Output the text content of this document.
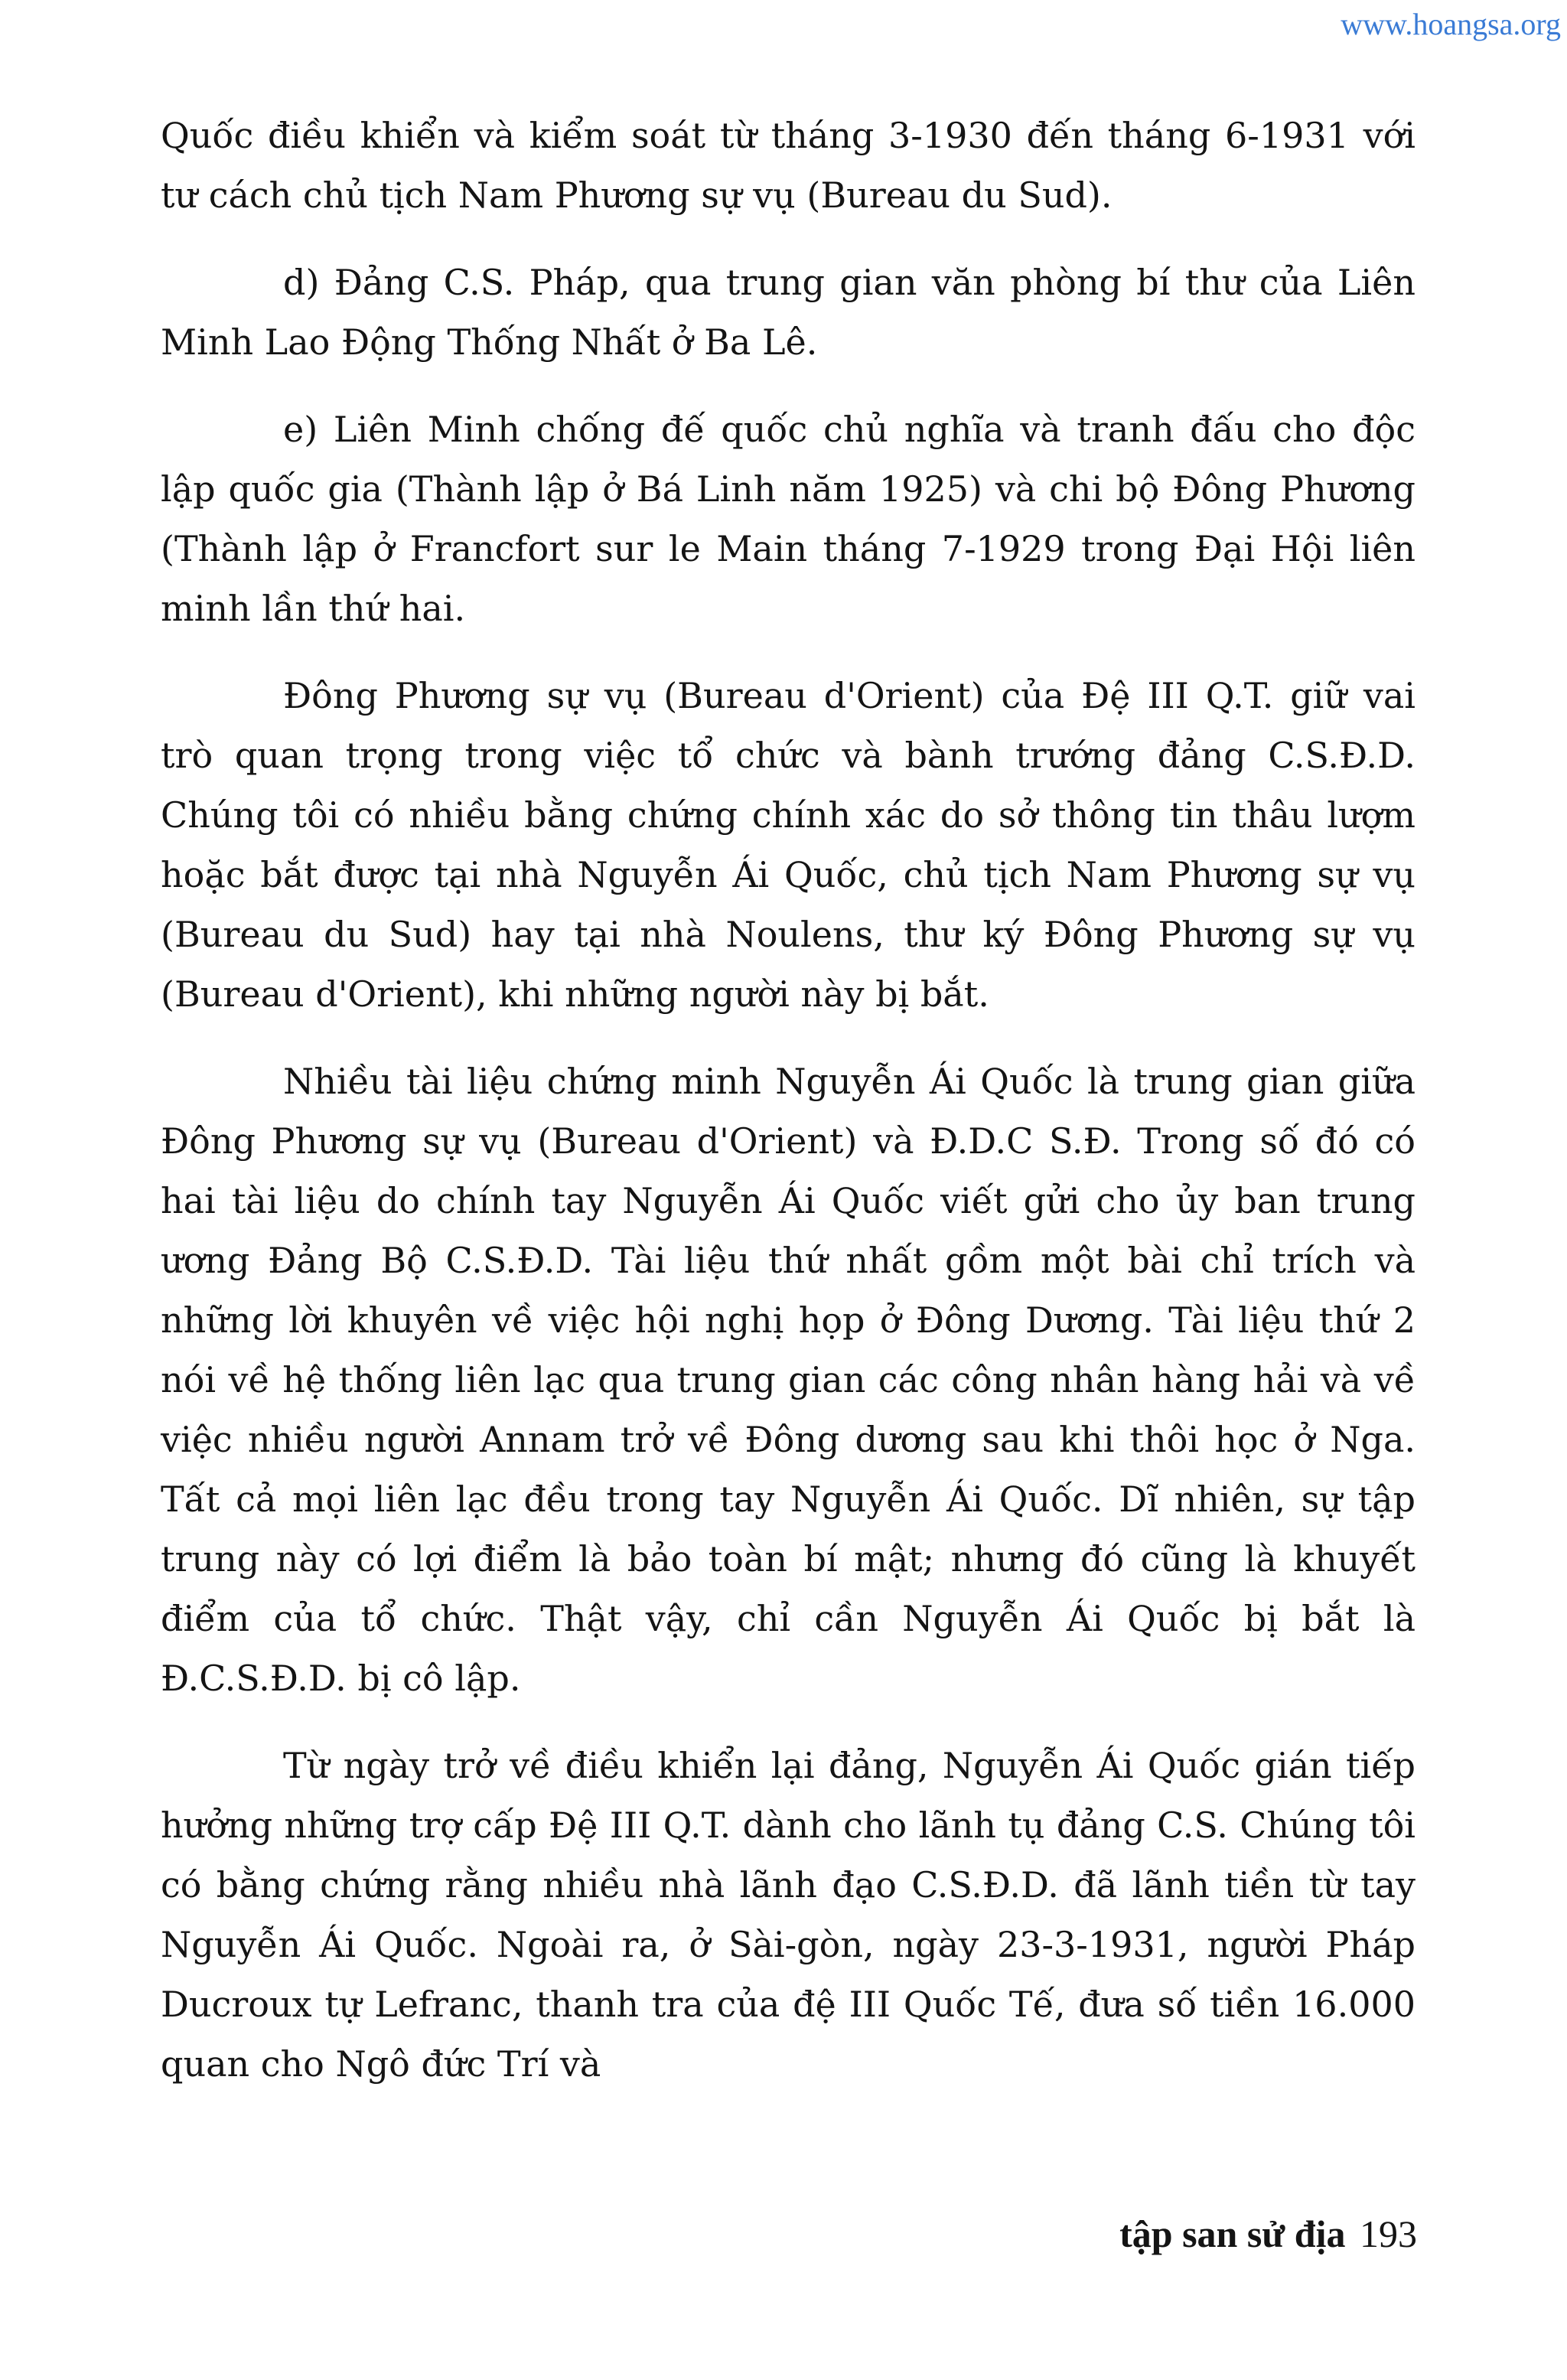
www.hoangsa.org

Quốc điều khiển và kiểm soát từ tháng 3-1930 đến tháng 6-1931 với tư cách chủ tịch Nam Phương sự vụ (Bureau du Sud).

d) Đảng C.S. Pháp, qua trung gian văn phòng bí thư của Liên Minh Lao Động Thống Nhất ở Ba Lê.

e) Liên Minh chống đế quốc chủ nghĩa và tranh đấu cho độc lập quốc gia (Thành lập ở Bá Linh năm 1925) và chi bộ Đông Phương (Thành lập ở Francfort sur le Main tháng 7-1929 trong Đại Hội liên minh lần thứ hai.

Đông Phương sự vụ (Bureau d'Orient) của Đệ III Q.T. giữ vai trò quan trọng trong việc tổ chức và bành trướng đảng C.S.Đ.D. Chúng tôi có nhiều bằng chứng chính xác do sở thông tin thâu lượm hoặc bắt được tại nhà Nguyễn Ái Quốc, chủ tịch Nam Phương sự vụ (Bureau du Sud) hay tại nhà Noulens, thư ký Đông Phương sự vụ (Bureau d'Orient), khi những người này bị bắt.

Nhiều tài liệu chứng minh Nguyễn Ái Quốc là trung gian giữa Đông Phương sự vụ (Bureau d'Orient) và Đ.D.C S.Đ. Trong số đó có hai tài liệu do chính tay Nguyễn Ái Quốc viết gửi cho ủy ban trung ương Đảng Bộ C.S.Đ.D. Tài liệu thứ nhất gồm một bài chỉ trích và những lời khuyên về việc hội nghị họp ở Đông Dương. Tài liệu thứ 2 nói về hệ thống liên lạc qua trung gian các công nhân hàng hải và về việc nhiều người Annam trở về Đông dương sau khi thôi học ở Nga. Tất cả mọi liên lạc đều trong tay Nguyễn Ái Quốc. Dĩ nhiên, sự tập trung này có lợi điểm là bảo toàn bí mật; nhưng đó cũng là khuyết điểm của tổ chức. Thật vậy, chỉ cần Nguyễn Ái Quốc bị bắt là Đ.C.S.Đ.D. bị cô lập.

Từ ngày trở về điều khiển lại đảng, Nguyễn Ái Quốc gián tiếp hưởng những trợ cấp Đệ III Q.T. dành cho lãnh tụ đảng C.S. Chúng tôi có bằng chứng rằng nhiều nhà lãnh đạo C.S.Đ.D. đã lãnh tiền từ tay Nguyễn Ái Quốc. Ngoài ra, ở Sài-gòn, ngày 23-3-1931, người Pháp Ducroux tự Lefranc, thanh tra của đệ III Quốc Tế, đưa số tiền 16.000 quan cho Ngô đức Trí và

tập san sử địa 193
